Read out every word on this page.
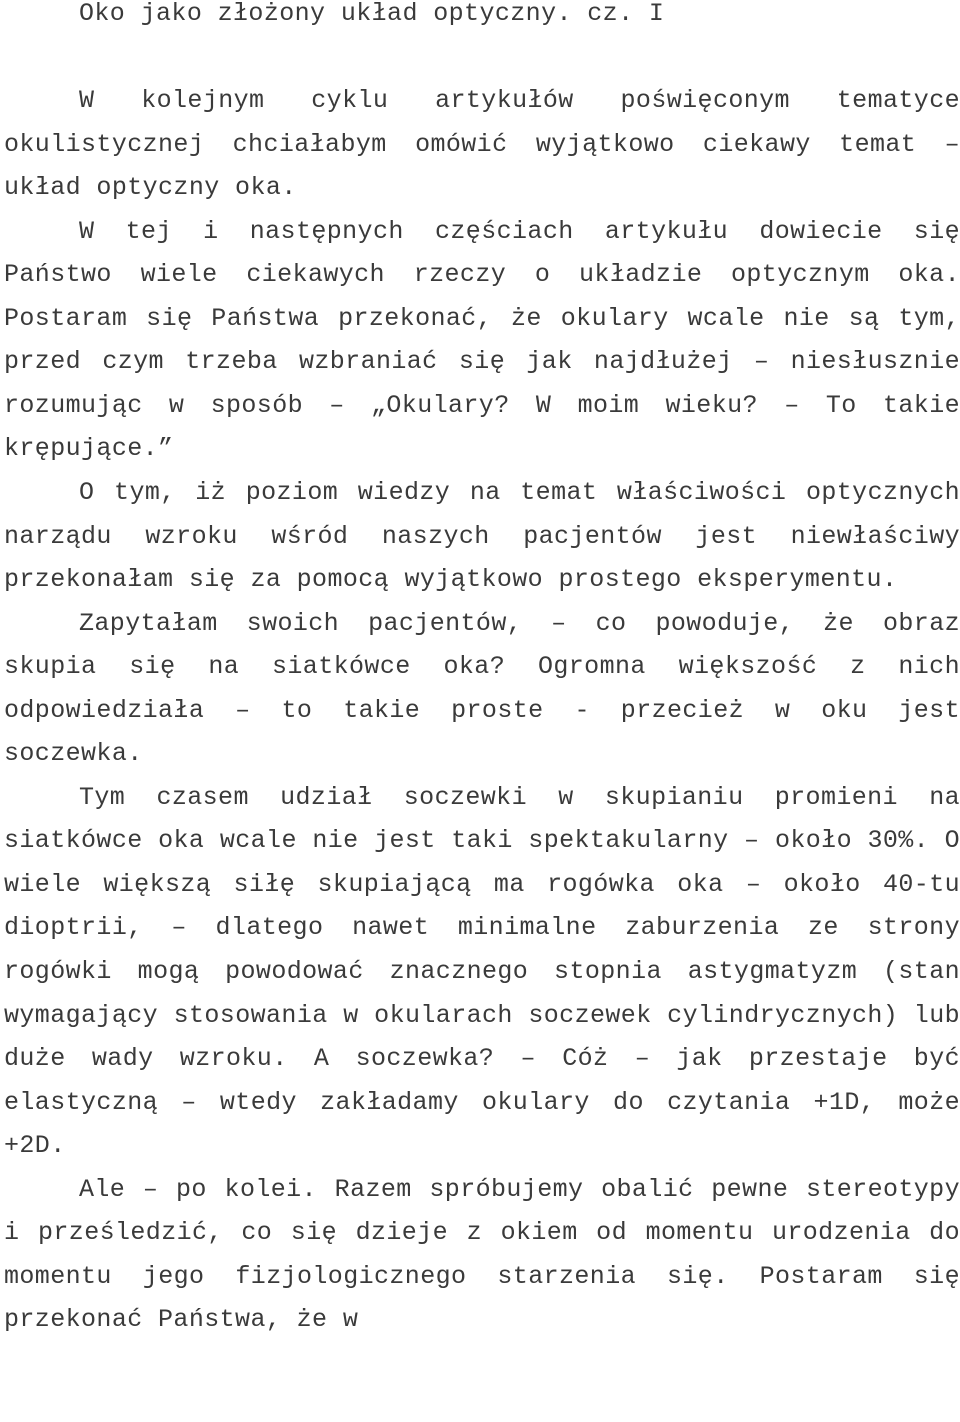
Oko jako złożony układ optyczny. cz. I

W kolejnym cyklu artykułów poświęconym tematyce okulistycznej chciałabym omówić wyjątkowo ciekawy temat – układ optyczny oka.

W tej i następnych częściach artykułu dowiecie się Państwo wiele ciekawych rzeczy o układzie optycznym oka. Postaram się Państwa przekonać, że okulary wcale nie są tym, przed czym trzeba wzbraniać się jak najdłużej – niesłusznie rozumując w sposób – „Okulary? W moim wieku? – To takie krępujące.”

O tym, iż poziom wiedzy na temat właściwości optycznych narządu wzroku wśród naszych pacjentów jest niewłaściwy przekonałam się za pomocą wyjątkowo prostego eksperymentu.

Zapytałam swoich pacjentów, – co powoduje, że obraz skupia się na siatkówce oka? Ogromna większość z nich odpowiedziała – to takie proste - przecież w oku jest soczewka.

Tym czasem udział soczewki w skupianiu promieni na siatkówce oka wcale nie jest taki spektakularny – około 30%. O wiele większą siłę skupiającą ma rogówka oka – około 40-tu dioptrii, – dlatego nawet minimalne zaburzenia ze strony rogówki mogą powodować znacznego stopnia astygmatyzm (stan wymagający stosowania w okularach soczewek cylindrycznych) lub duże wady wzroku. A soczewka? – Cóż – jak przestaje być elastyczną – wtedy zakładamy okulary do czytania +1D, może +2D.

Ale – po kolei. Razem spróbujemy obalić pewne stereotypy i prześledzić, co się dzieje z okiem od momentu urodzenia do momentu jego fizjologicznego starzenia się. Postaram się przekonać Państwa, że w
